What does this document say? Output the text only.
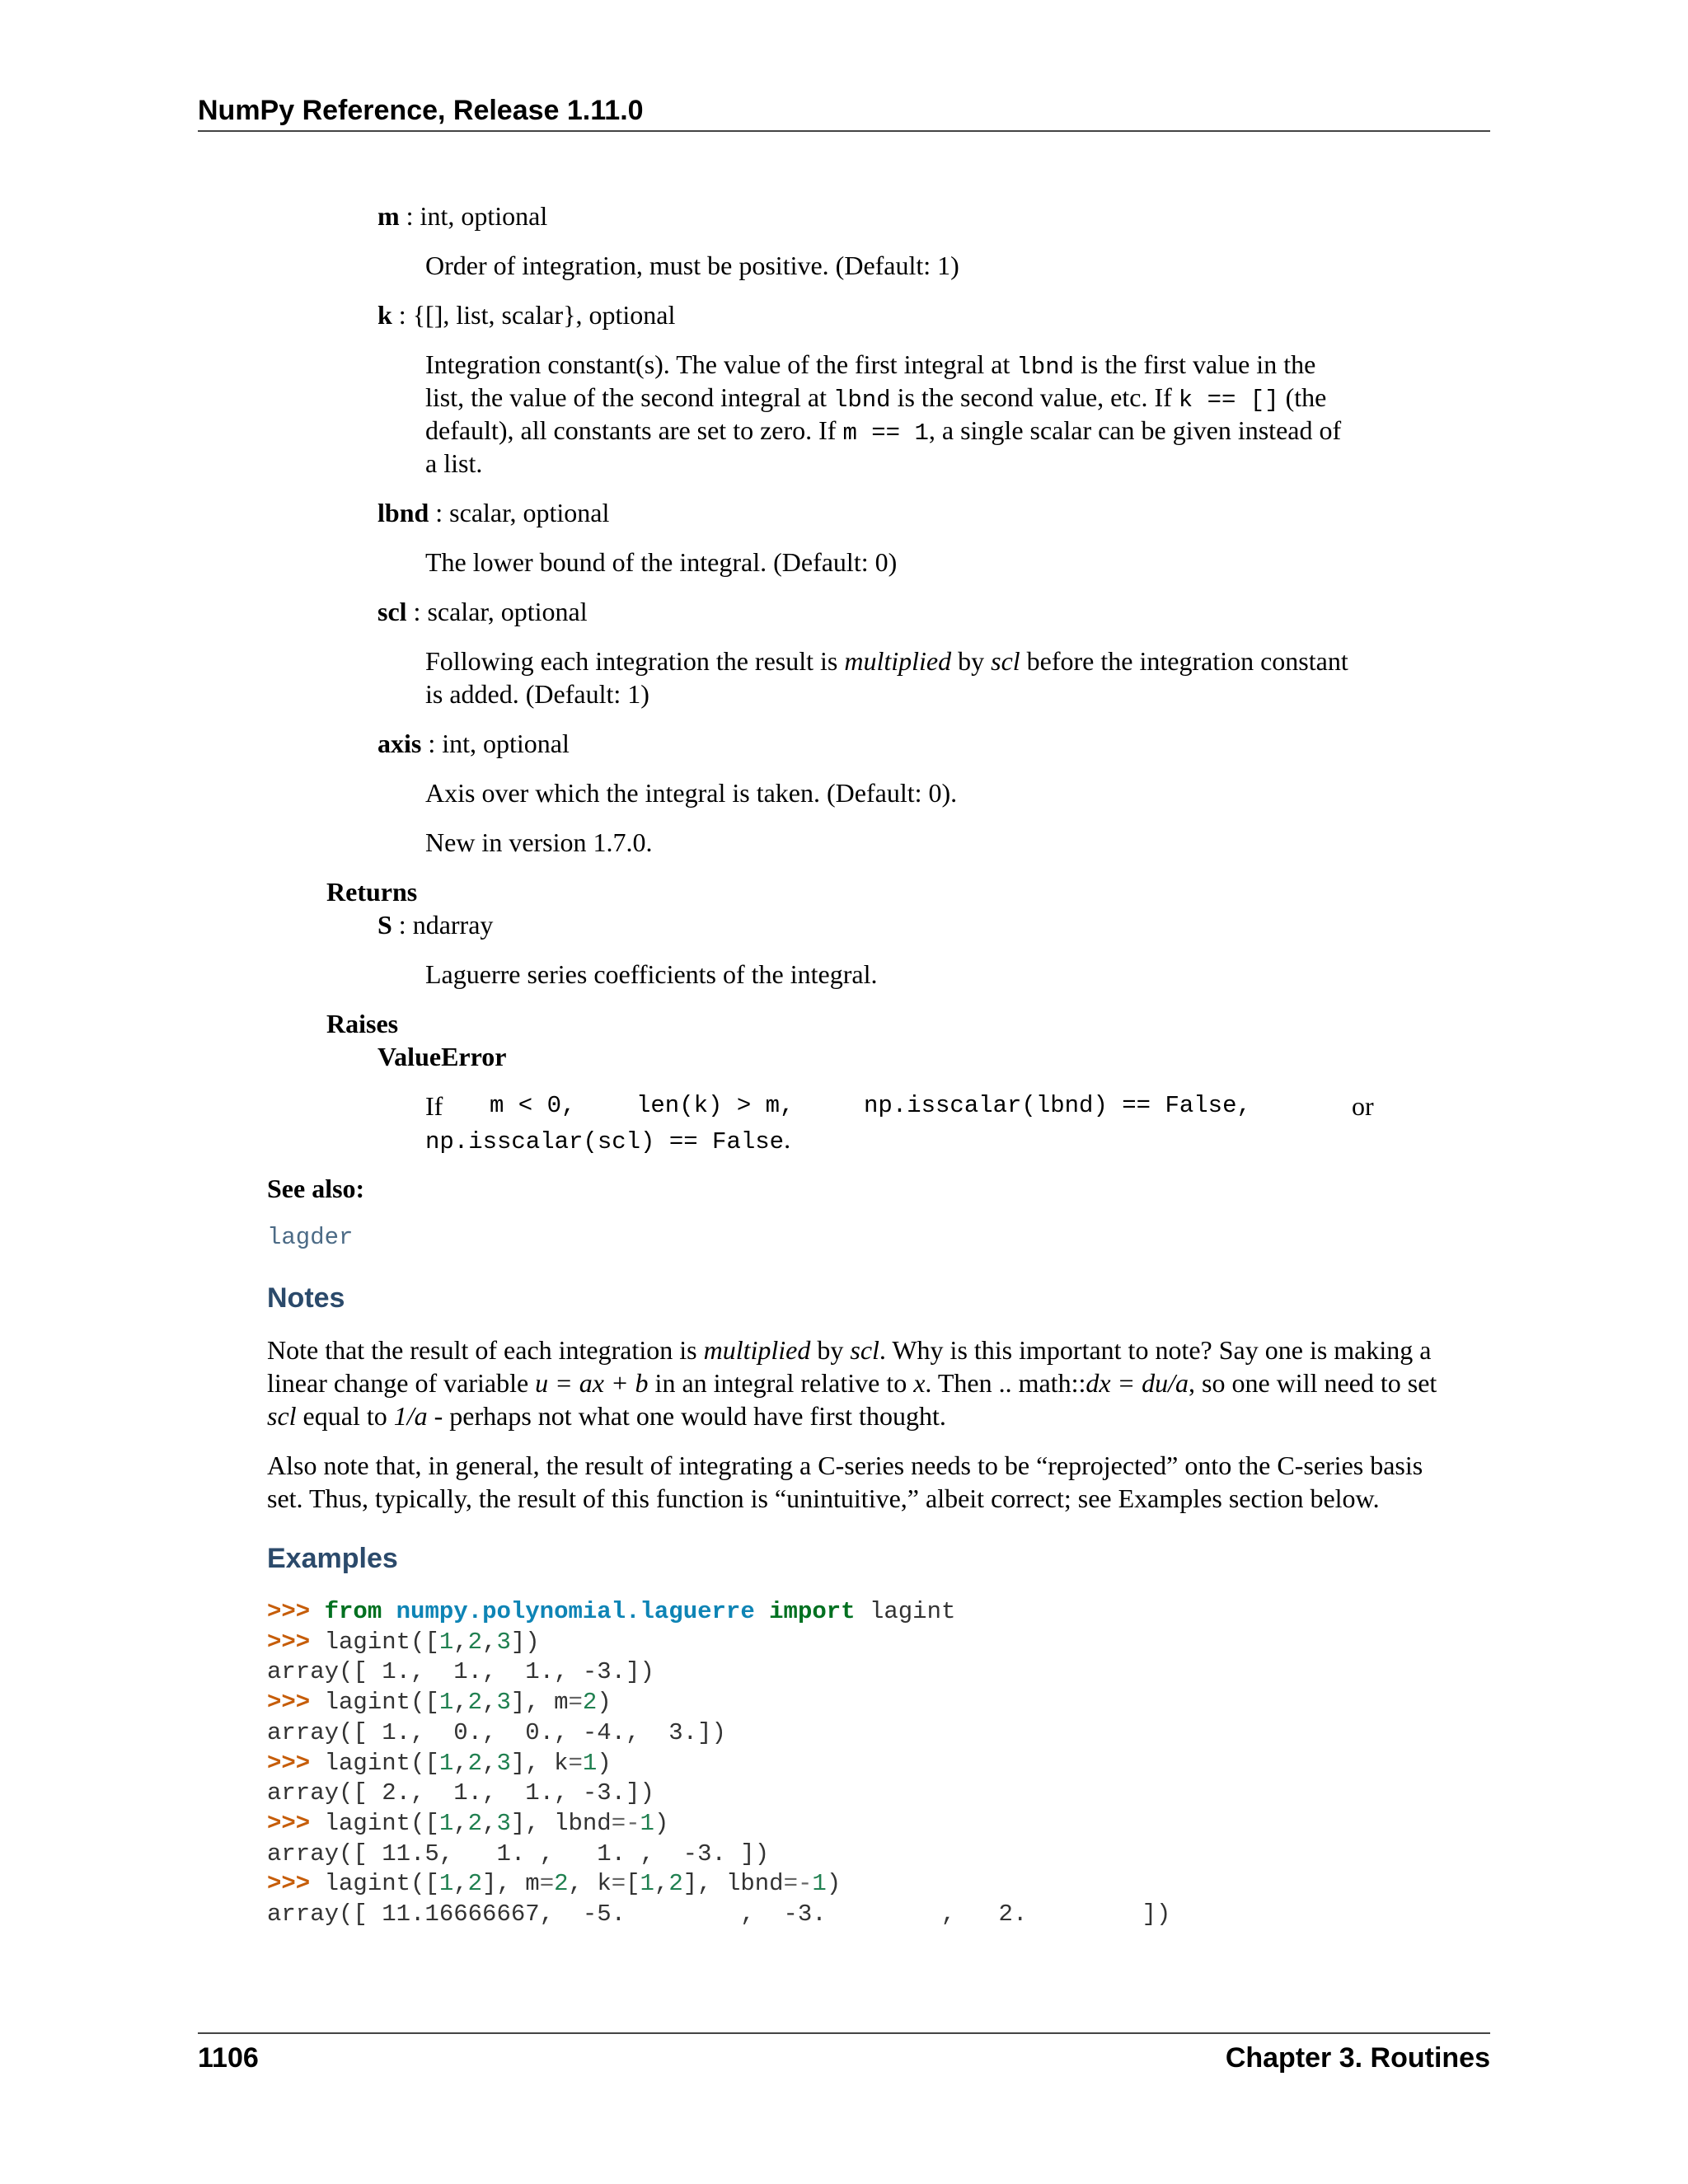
NumPy Reference, Release 1.11.0
m : int, optional
Order of integration, must be positive. (Default: 1)
k : {[], list, scalar}, optional
Integration constant(s). The value of the first integral at lbnd is the first value in the
list, the value of the second integral at lbnd is the second value, etc. If k == [] (the
default), all constants are set to zero. If m == 1, a single scalar can be given instead of
a list.
lbnd : scalar, optional
The lower bound of the integral. (Default: 0)
scl : scalar, optional
Following each integration the result is multiplied by scl before the integration constant
is added. (Default: 1)
axis : int, optional
Axis over which the integral is taken. (Default: 0).
New in version 1.7.0.
Returns
S : ndarray
Laguerre series coefficients of the integral.
Raises
ValueError
If m < 0,	len(k) > m,	np.isscalar(lbnd) == False,	or
np.isscalar(scl) == False.
See also:
lagder
Notes
Note that the result of each integration is multiplied by scl. Why is this important to note? Say one is making a
linear change of variable u = ax + b in an integral relative to x. Then .. math::dx = du/a, so one will need to set
scl equal to 1/a - perhaps not what one would have first thought.
Also note that, in general, the result of integrating a C-series needs to be “reprojected” onto the C-series basis
set. Thus, typically, the result of this function is “unintuitive,” albeit correct; see Examples section below.
Examples
>>> from numpy.polynomial.laguerre import lagint
>>> lagint([1,2,3])
array([ 1.,  1.,  1., -3.])
>>> lagint([1,2,3], m=2)
array([ 1.,  0.,  0., -4.,  3.])
>>> lagint([1,2,3], k=1)
array([ 2.,  1.,  1., -3.])
>>> lagint([1,2,3], lbnd=-1)
array([ 11.5,   1. ,   1. ,  -3. ])
>>> lagint([1,2], m=2, k=[1,2], lbnd=-1)
array([ 11.16666667,  -5.        ,  -3.        ,   2.        ])
1106	Chapter 3. Routines
